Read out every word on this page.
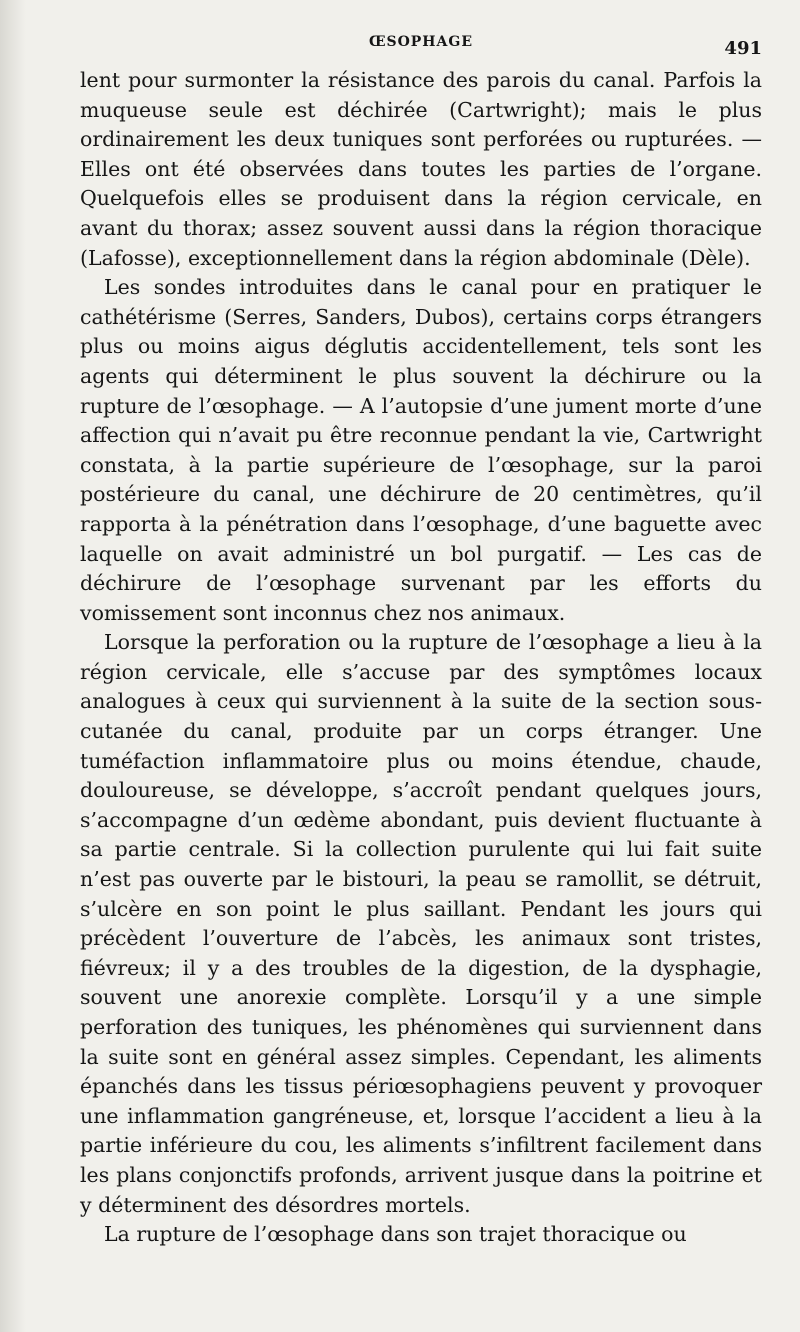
ŒSOPHAGE	491

lent pour surmonter la résistance des parois du canal. Parfois la muqueuse seule est déchirée (Cartwright); mais le plus ordinairement les deux tuniques sont perforées ou rupturées. — Elles ont été observées dans toutes les parties de l’organe. Quelquefois elles se produisent dans la région cervicale, en avant du thorax; assez souvent aussi dans la région thoracique (Lafosse), exceptionnellement dans la région abdominale (Dèle).

Les sondes introduites dans le canal pour en pratiquer le cathétérisme (Serres, Sanders, Dubos), certains corps étrangers plus ou moins aigus déglutis accidentellement, tels sont les agents qui déterminent le plus souvent la déchirure ou la rupture de l’œsophage. — A l’autopsie d’une jument morte d’une affection qui n’avait pu être reconnue pendant la vie, Cartwright constata, à la partie supérieure de l’œsophage, sur la paroi postérieure du canal, une déchirure de 20 centimètres, qu’il rapporta à la pénétration dans l’œsophage, d’une baguette avec laquelle on avait administré un bol purgatif. — Les cas de déchirure de l’œsophage survenant par les efforts du vomissement sont inconnus chez nos animaux.

Lorsque la perforation ou la rupture de l’œsophage a lieu à la région cervicale, elle s’accuse par des symptômes locaux analogues à ceux qui surviennent à la suite de la section sous-cutanée du canal, produite par un corps étranger. Une tuméfaction inflammatoire plus ou moins étendue, chaude, douloureuse, se développe, s’accroît pendant quelques jours, s’accompagne d’un œdème abondant, puis devient fluctuante à sa partie centrale. Si la collection purulente qui lui fait suite n’est pas ouverte par le bistouri, la peau se ramollit, se détruit, s’ulcère en son point le plus saillant. Pendant les jours qui précèdent l’ouverture de l’abcès, les animaux sont tristes, fiévreux; il y a des troubles de la digestion, de la dysphagie, souvent une anorexie complète. Lorsqu’il y a une simple perforation des tuniques, les phénomènes qui surviennent dans la suite sont en général assez simples. Cependant, les aliments épanchés dans les tissus périœsophagiens peuvent y provoquer une inflammation gangréneuse, et, lorsque l’accident a lieu à la partie inférieure du cou, les aliments s’infiltrent facilement dans les plans conjonctifs profonds, arrivent jusque dans la poitrine et y déterminent des désordres mortels.

La rupture de l’œsophage dans son trajet thoracique ou
